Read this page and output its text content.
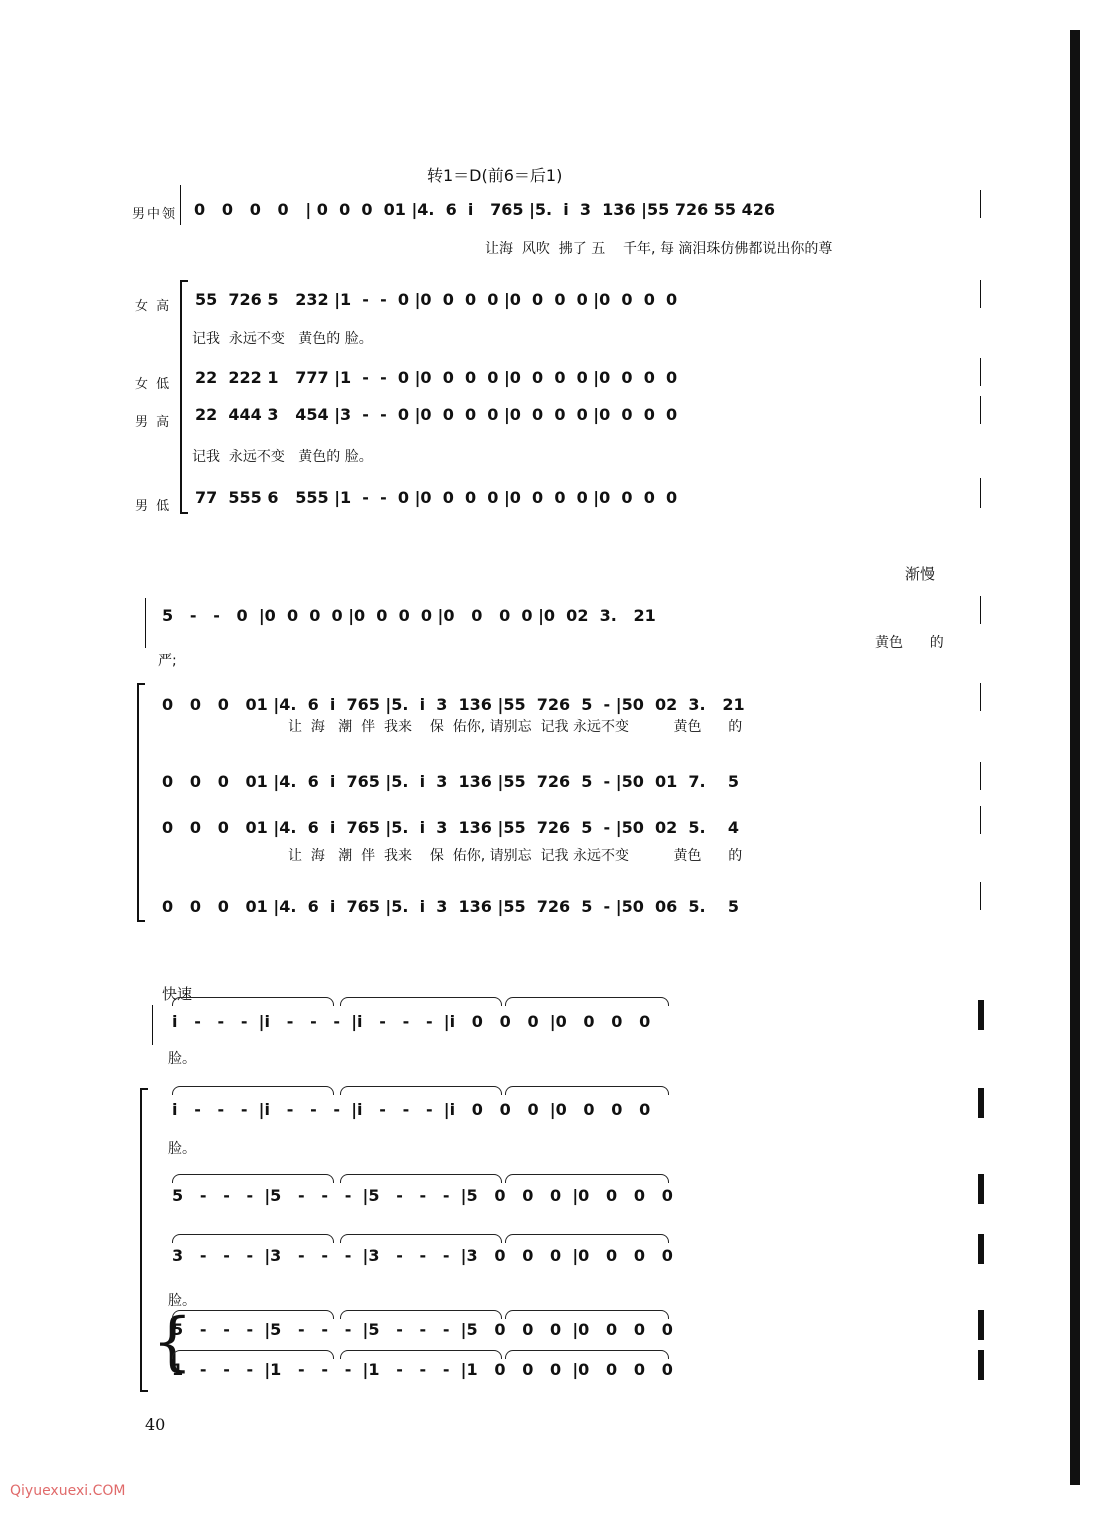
转1＝D(前6＝后1)
男中领 0   0   0   0   | 0  0  0  01 |4.  6  i   765 |5.  i  3  136 |55 726 55 426
让海  风吹  拂了 五    千年, 每 滴泪珠仿佛都说出你的尊
女 高 55  726 5   232 |1  -  -  0 |0  0  0  0 |0  0  0  0 |0  0  0  0
记我  永远不变   黄色的 脸。
女 低 22  222 1   777 |1  -  -  0 |0  0  0  0 |0  0  0  0 |0  0  0  0
男 高 22  444 3   454 |3  -  -  0 |0  0  0  0 |0  0  0  0 |0  0  0  0
记我  永远不变   黄色的 脸。
男 低 77  555 6   555 |1  -  -  0 |0  0  0  0 |0  0  0  0 |0  0  0  0
渐慢
5   -   -   0  |0  0  0  0 |0  0  0  0 |0   0   0  0 |0  02  3.   21
严;
黄色      的
0   0   0   01 |4.  6  i  765 |5.  i  3  136 |55  726  5  - |50  02  3.   21
让  海   潮  伴  我来    保  佑你, 请别忘  记我 永远不变          黄色      的
0   0   0   01 |4.  6  i  765 |5.  i  3  136 |55  726  5  - |50  01  7.    5
0   0   0   01 |4.  6  i  765 |5.  i  3  136 |55  726  5  - |50  02  5.    4
让  海   潮  伴  我来    保  佑你, 请别忘  记我 永远不变          黄色      的
0   0   0   01 |4.  6  i  765 |5.  i  3  136 |55  726  5  - |50  06  5.    5
快速
i   -   -   -  |i   -   -   -  |i   -   -   -  |i   0   0   0  |0   0   0   0
脸。
i   -   -   -  |i   -   -   -  |i   -   -   -  |i   0   0   0  |0   0   0   0
脸。
5   -   -   -  |5   -   -   -  |5   -   -   -  |5   0   0   0  |0   0   0   0
3   -   -   -  |3   -   -   -  |3   -   -   -  |3   0   0   0  |0   0   0   0
脸。
{
5   -   -   -  |5   -   -   -  |5   -   -   -  |5   0   0   0  |0   0   0   0
1   -   -   -  |1   -   -   -  |1   -   -   -  |1   0   0   0  |0   0   0   0
40
Qiyuexuexi.COM
